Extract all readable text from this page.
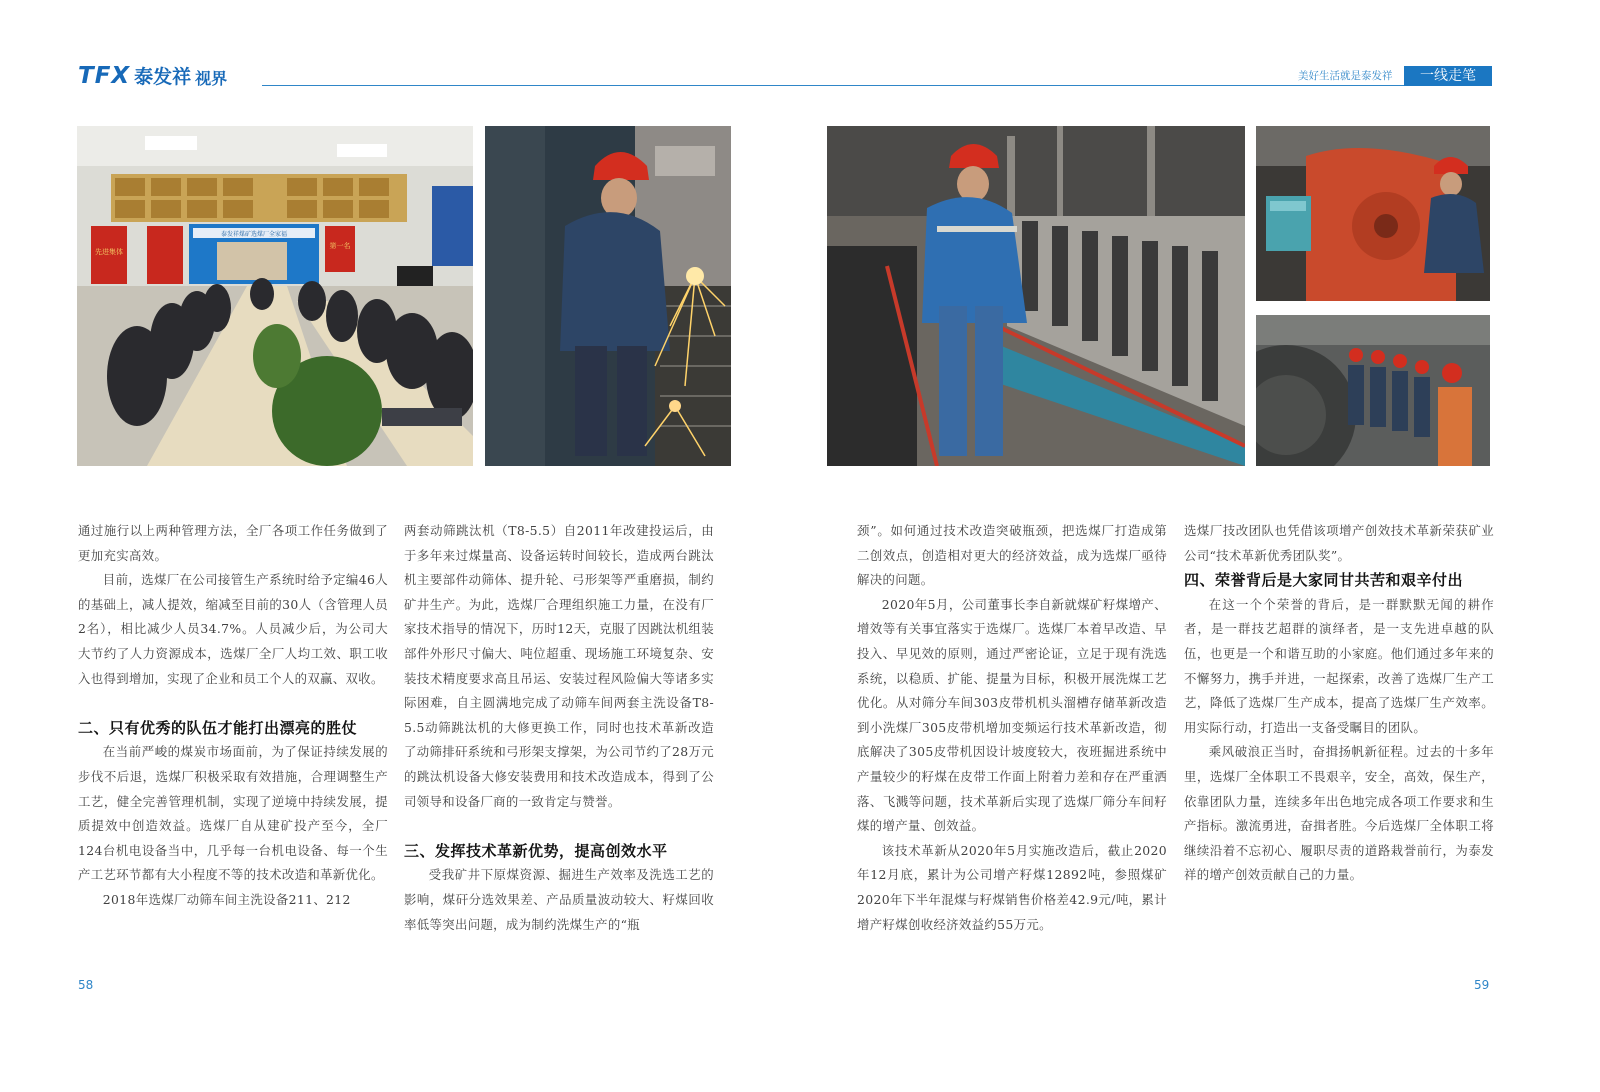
TFX 泰发祥 视界	美好生活就是泰发祥	一线走笔
先进集体
第一名
泰发祥煤矿选煤厂全家福

通过施行以上两种管理方法，全厂各项工作任务做到了更加充实高效。

目前，选煤厂在公司接管生产系统时给予定编46人的基础上，减人提效，缩减至目前的30人（含管理人员2名），相比减少人员34.7%。人员减少后，为公司大大节约了人力资源成本，选煤厂全厂人均工效、职工收入也得到增加，实现了企业和员工个人的双赢、双收。

二、只有优秀的队伍才能打出漂亮的胜仗

在当前严峻的煤炭市场面前，为了保证持续发展的步伐不后退，选煤厂积极采取有效措施，合理调整生产工艺，健全完善管理机制，实现了逆境中持续发展，提质提效中创造效益。选煤厂自从建矿投产至今，全厂124台机电设备当中，几乎每一台机电设备、每一个生产工艺环节都有大小程度不等的技术改造和革新优化。

2018年选煤厂动筛车间主洗设备211、212

两套动筛跳汰机（T8-5.5）自2011年改建投运后，由于多年来过煤量高、设备运转时间较长，造成两台跳汰机主要部件动筛体、提升轮、弓形架等严重磨损，制约矿井生产。为此，选煤厂合理组织施工力量，在没有厂家技术指导的情况下，历时12天，克服了因跳汰机组装部件外形尺寸偏大、吨位超重、现场施工环境复杂、安装技术精度要求高且吊运、安装过程风险偏大等诸多实际困难，自主圆满地完成了动筛车间两套主洗设备T8-5.5动筛跳汰机的大修更换工作，同时也技术革新改造了动筛排矸系统和弓形架支撑架，为公司节约了28万元的跳汰机设备大修安装费用和技术改造成本，得到了公司领导和设备厂商的一致肯定与赞誉。

三、发挥技术革新优势，提高创效水平

受我矿井下原煤资源、掘进生产效率及洗选工艺的影响，煤矸分选效果差、产品质量波动较大、籽煤回收率低等突出问题，成为制约洗煤生产的“瓶

颈”。如何通过技术改造突破瓶颈，把选煤厂打造成第二创效点，创造相对更大的经济效益，成为选煤厂亟待解决的问题。

2020年5月，公司董事长李自新就煤矿籽煤增产、增效等有关事宜落实于选煤厂。选煤厂本着早改造、早投入、早见效的原则，通过严密论证，立足于现有洗选系统，以稳质、扩能、提量为目标，积极开展洗煤工艺优化。从对筛分车间303皮带机机头溜槽存储革新改造到小洗煤厂305皮带机增加变频运行技术革新改造，彻底解决了305皮带机因设计坡度较大，夜班掘进系统中产量较少的籽煤在皮带工作面上附着力差和存在严重洒落、飞溅等问题，技术革新后实现了选煤厂筛分车间籽煤的增产量、创效益。

该技术革新从2020年5月实施改造后，截止2020年12月底，累计为公司增产籽煤12892吨，参照煤矿2020年下半年混煤与籽煤销售价格差42.9元/吨，累计增产籽煤创收经济效益约55万元。

选煤厂技改团队也凭借该项增产创效技术革新荣获矿业公司“技术革新优秀团队奖”。

四、荣誉背后是大家同甘共苦和艰辛付出

在这一个个荣誉的背后，是一群默默无闻的耕作者，是一群技艺超群的演绎者，是一支先进卓越的队伍，也更是一个和谐互助的小家庭。他们通过多年来的不懈努力，携手并进，一起探索，改善了选煤厂生产工艺，降低了选煤厂生产成本，提高了选煤厂生产效率。用实际行动，打造出一支备受瞩目的团队。

乘风破浪正当时，奋揖扬帆新征程。过去的十多年里，选煤厂全体职工不畏艰辛，安全，高效，保生产，依靠团队力量，连续多年出色地完成各项工作要求和生产指标。激流勇进，奋揖者胜。今后选煤厂全体职工将继续沿着不忘初心、履职尽责的道路栽誉前行，为泰发祥的增产创效贡献自己的力量。

58	59
